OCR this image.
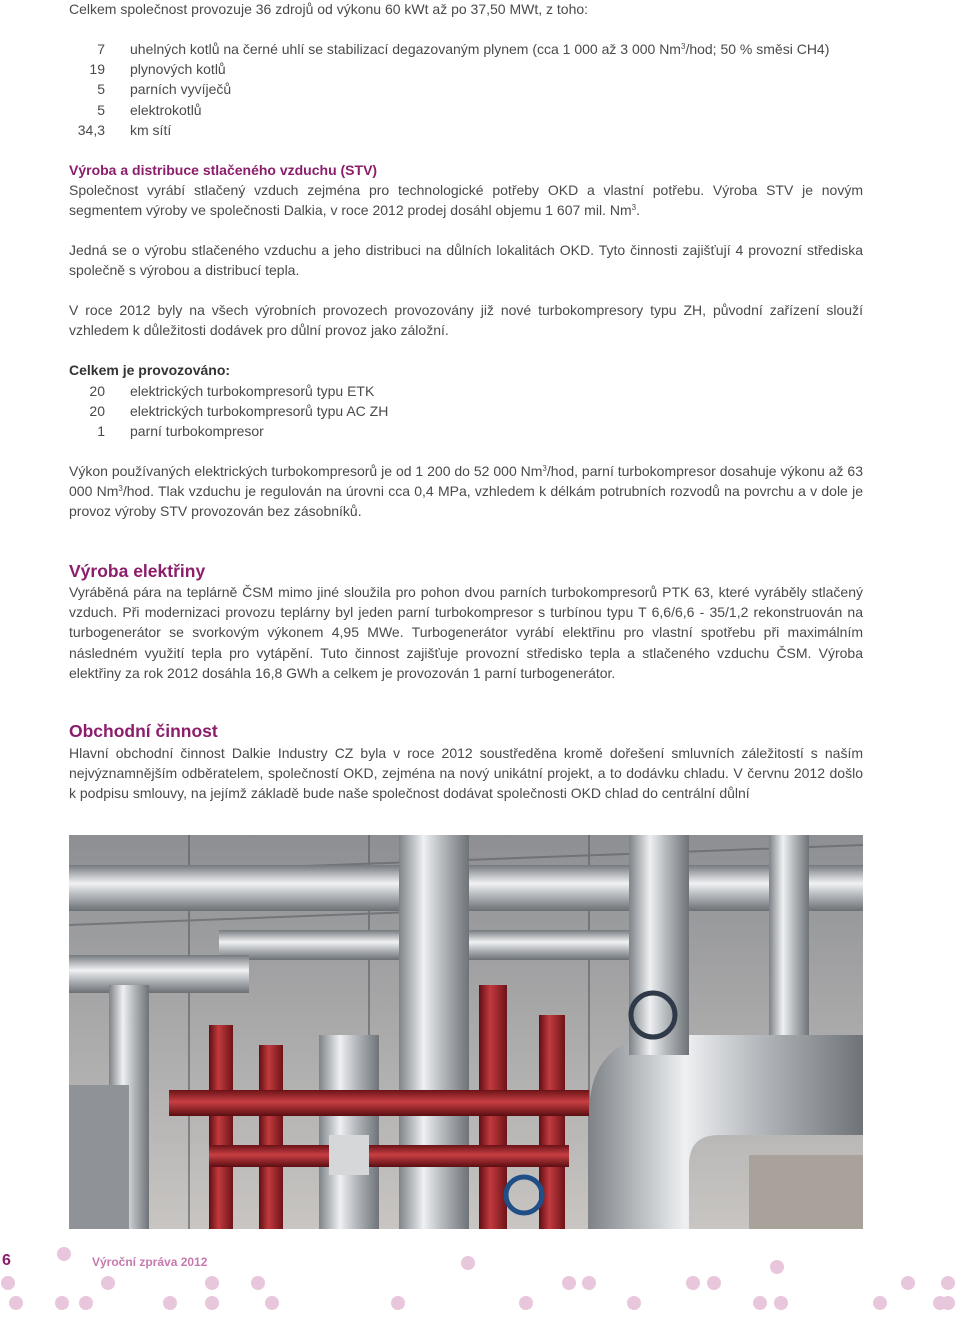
Celkem společnost provozuje 36 zdrojů od výkonu 60 kWt až po 37,50 MWt, z toho:

7 uhelných kotlů na černé uhlí se stabilizací degazovaným plynem (cca 1 000 až 3 000 Nm$^3$/hod; 50 % směsi CH4)
19 plynových kotlů
5 parních vyvíječů
5 elektrokotlů
34,3 km sítí
Výroba a distribuce stlačeného vzduchu (STV)

Společnost vyrábí stlačený vzduch zejména pro technologické potřeby OKD a vlastní potřebu. Výroba STV je novým segmentem výroby ve společnosti Dalkia, v roce 2012 prodej dosáhl objemu 1 607 mil. Nm$^3$.

Jedná se o výrobu stlačeného vzduchu a jeho distribuci na důlních lokalitách OKD. Tyto činnosti zajišťují 4 provozní střediska společně s výrobou a distribucí tepla.

V roce 2012 byly na všech výrobních provozech provozovány již nové turbokompresory typu ZH, původní zařízení slouží vzhledem k důležitosti dodávek pro důlní provoz jako záložní.

Celkem je provozováno:
20 elektrických turbokompresorů typu ETK
20 elektrických turbokompresorů typu AC ZH
1 parní turbokompresor

Výkon používaných elektrických turbokompresorů je od 1 200 do 52 000 Nm$^3$/hod, parní turbokompresor dosahuje výkonu až 63 000 Nm$^3$/hod. Tlak vzduchu je regulován na úrovni cca 0,4 MPa, vzhledem k délkám potrubních rozvodů na povrchu a v dole je provoz výroby STV provozován bez zásobníků.

Výroba elektřiny

Vyráběná pára na teplárně ČSM mimo jiné sloužila pro pohon dvou parních turbokompresorů PTK 63, které vyráběly stlačený vzduch. Při modernizaci provozu teplárny byl jeden parní turbokompresor s turbínou typu T 6,6/6,6 - 35/1,2 rekonstruován na turbogenerátor se svorkovým výkonem 4,95 MWe. Turbogenerátor vyrábí elektřinu pro vlastní spotřebu při maximálním následném využití tepla pro vytápění. Tuto činnost zajišťuje provozní středisko tepla a stlačeného vzduchu ČSM. Výroba elektřiny za rok 2012 dosáhla 16,8 GWh a celkem je provozován 1 parní turbogenerátor.

Obchodní činnost

Hlavní obchodní činnost Dalkie Industry CZ byla v roce 2012 soustředěna kromě dořešení smluvních záležitostí s naším nejvýznamnějším odběratelem, společností OKD, zejména na nový unikátní projekt, a to dodávku chladu. V červnu 2012 došlo k podpisu smlouvy, na jejímž základě bude naše společnost dodávat společnosti OKD chlad do centrální důlní

6	Výroční zpráva 2012
